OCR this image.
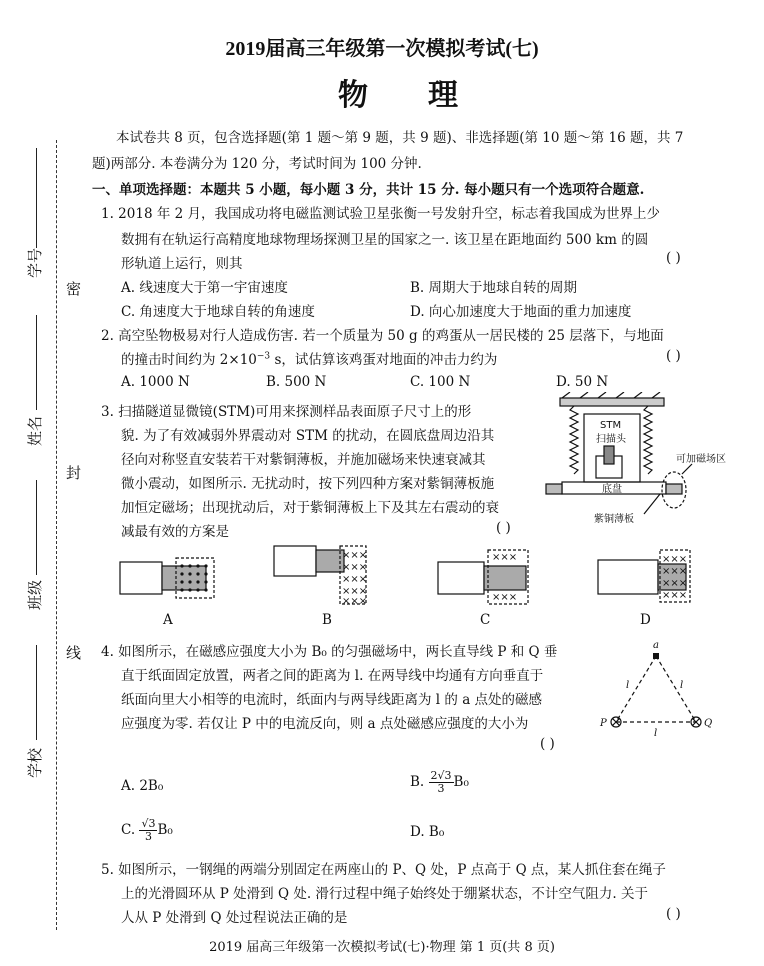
学号
姓名
班级
学校
密
封
线
2019届高三年级第一次模拟考试(七)
物理
本试卷共 8 页，包含选择题(第 1 题～第 9 题，共 9 题)、非选择题(第 10 题～第 16 题，共 7
题)两部分. 本卷满分为 120 分，考试时间为 100 分钟.
一、单项选择题：本题共 5 小题，每小题 3 分，共计 15 分. 每小题只有一个选项符合题意.
1. 2018 年 2 月，我国成功将电磁监测试验卫星张衡一号发射升空，标志着我国成为世界上少
数拥有在轨运行高精度地球物理场探测卫星的国家之一. 该卫星在距地面约 500 km 的圆
形轨道上运行，则其	( )
A. 线速度大于第一宇宙速度	B. 周期大于地球自转的周期
C. 角速度大于地球自转的角速度	D. 向心加速度大于地面的重力加速度
2. 高空坠物极易对行人造成伤害. 若一个质量为 50 g 的鸡蛋从一居民楼的 25 层落下，与地面
的撞击时间约为 $2\times 10^{-3}$ s，试估算该鸡蛋对地面的冲击力约为	( )
A. 1000 N	B. 500 N	C. 100 N	D. 50 N
3. 扫描隧道显微镜(STM)可用来探测样品表面原子尺寸上的形
貌. 为了有效减弱外界震动对 STM 的扰动，在圆底盘周边沿其
径向对称竖直安装若干对紫铜薄板，并施加磁场来快速衰减其
微小震动，如图所示. 无扰动时，按下列四种方案对紫铜薄板施
加恒定磁场；出现扰动后，对于紫铜薄板上下及其左右震动的衰
减最有效的方案是	( )
STM
扫描头
可加磁场区
底盘
紫铜薄板
A
×××
×××
×××
×××
×××
B
×××
×××
C
×××
×××
×××
×××
D
4. 如图所示，在磁感应强度大小为 B₀ 的匀强磁场中，两长直导线 P 和 Q 垂
直于纸面固定放置，两者之间的距离为 l. 在两导线中均通有方向垂直于
纸面向里大小相等的电流时，纸面内与两导线距离为 l 的 a 点处的磁感
应强度为零. 若仅让 P 中的电流反向，则 a 点处磁感应强度的大小为
( )
a
P	Q
l	l
l
A. 2B₀	B. $\frac{2√3}{3} B_0$
C. $\frac{√3}{3} B_0$	D. B₀
5. 如图所示，一钢绳的两端分别固定在两座山的 P、Q 处，P 点高于 Q 点，某人抓住套在绳子
上的光滑圆环从 P 处滑到 Q 处. 滑行过程中绳子始终处于绷紧状态，不计空气阻力. 关于
人从 P 处滑到 Q 处过程说法正确的是	( )
2019 届高三年级第一次模拟考试(七)·物理 第 1 页(共 8 页)
